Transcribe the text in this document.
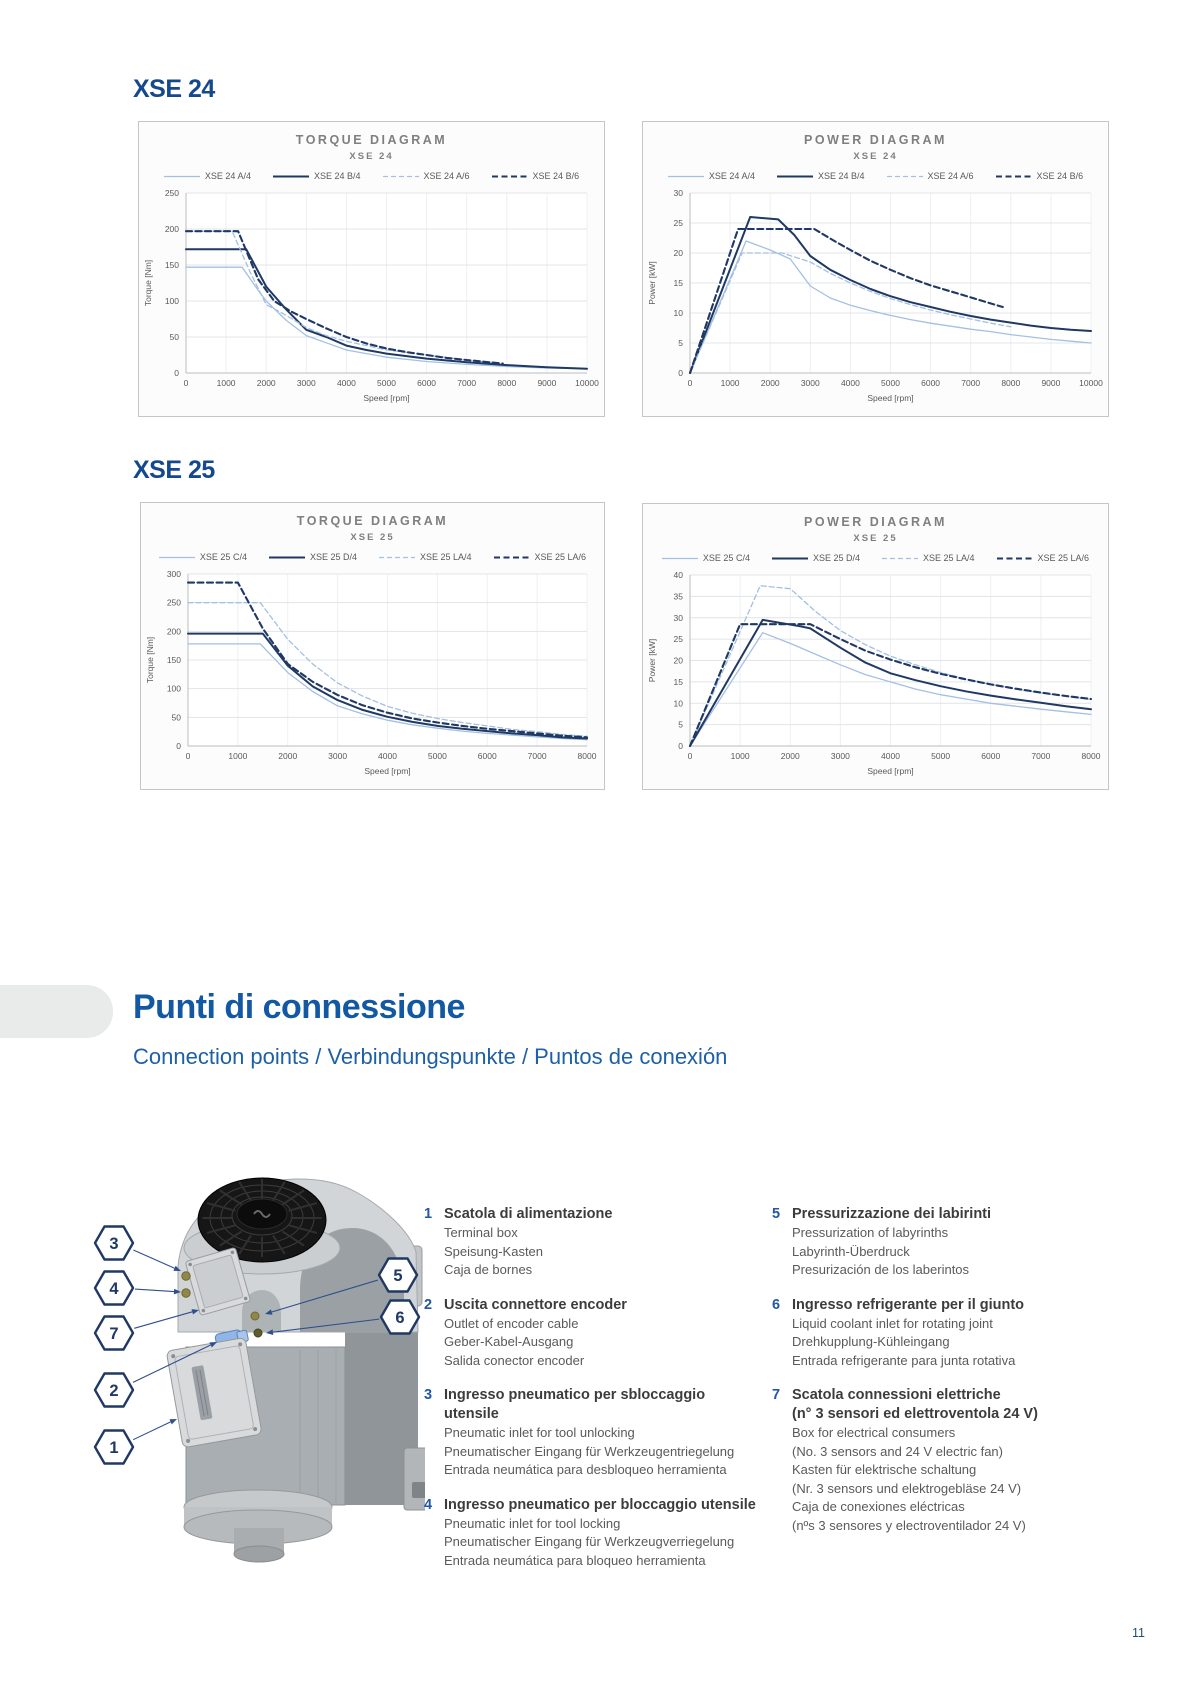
XSE 24
XSE 25
TORQUE DIAGRAM
XSE 24
XSE 24 A/4	XSE 24 B/4	XSE 24 A/6	XSE 24 B/6
0	1000 2000 3000 4000 5000 6000 7000 8000 9000 10000
0
50
100
150
200
250
Speed [rpm]
Torque [Nm]
POWER DIAGRAM
XSE 24
XSE 24 A/4	XSE 24 B/4	XSE 24 A/6	XSE 24 B/6
0	1000 2000 3000 4000 5000 6000 7000 8000 9000 10000
0
5
10
15
20
25
30
Speed [rpm]
Power [kW]
TORQUE DIAGRAM
XSE 25
XSE 25 C/4	XSE 25 D/4	XSE 25 LA/4	XSE 25 LA/6
0	1000	2000	3000	4000	5000	6000	7000	8000
0
50
100
150
200
250
300
Speed [rpm]
Torque [Nm]
POWER DIAGRAM
XSE 25
XSE 25 C/4	XSE 25 D/4	XSE 25 LA/4	XSE 25 LA/6
0	1000	2000	3000	4000	5000	6000	7000	8000
0
5
10
15
20
25
30
35
40
Speed [rpm]
Power [kW]
Punti di connessione
Connection points / Verbindungspunkte / Puntos de conexión
3
4
7
2
1
5
6
1 Scatola di alimentazione
Terminal box
Speisung-Kasten
Caja de bornes
2 Uscita connettore encoder
Outlet of encoder cable
Geber-Kabel-Ausgang
Salida conector encoder
3 Ingresso pneumatico per sbloccaggio utensile
Pneumatic inlet for tool unlocking
Pneumatischer Eingang für Werkzeugentriegelung
Entrada neumática para desbloqueo herramienta
4 Ingresso pneumatico per bloccaggio utensile
Pneumatic inlet for tool locking
Pneumatischer Eingang für Werkzeugverriegelung
Entrada neumática para bloqueo herramienta
5 Pressurizzazione dei labirinti
Pressurization of labyrinths
Labyrinth-Überdruck
Presurización de los laberintos
6 Ingresso refrigerante per il giunto
Liquid coolant inlet for rotating joint
Drehkupplung-Kühleingang
Entrada refrigerante para junta rotativa
7 Scatola connessioni elettriche
(n° 3 sensori ed elettroventola 24 V)
Box for electrical consumers
(No. 3 sensors and 24 V electric fan)
Kasten für elektrische schaltung
(Nr. 3 sensors und elektrogebläse 24 V)
Caja de conexiones eléctricas
(nºs 3 sensores y electroventilador 24 V)
11
